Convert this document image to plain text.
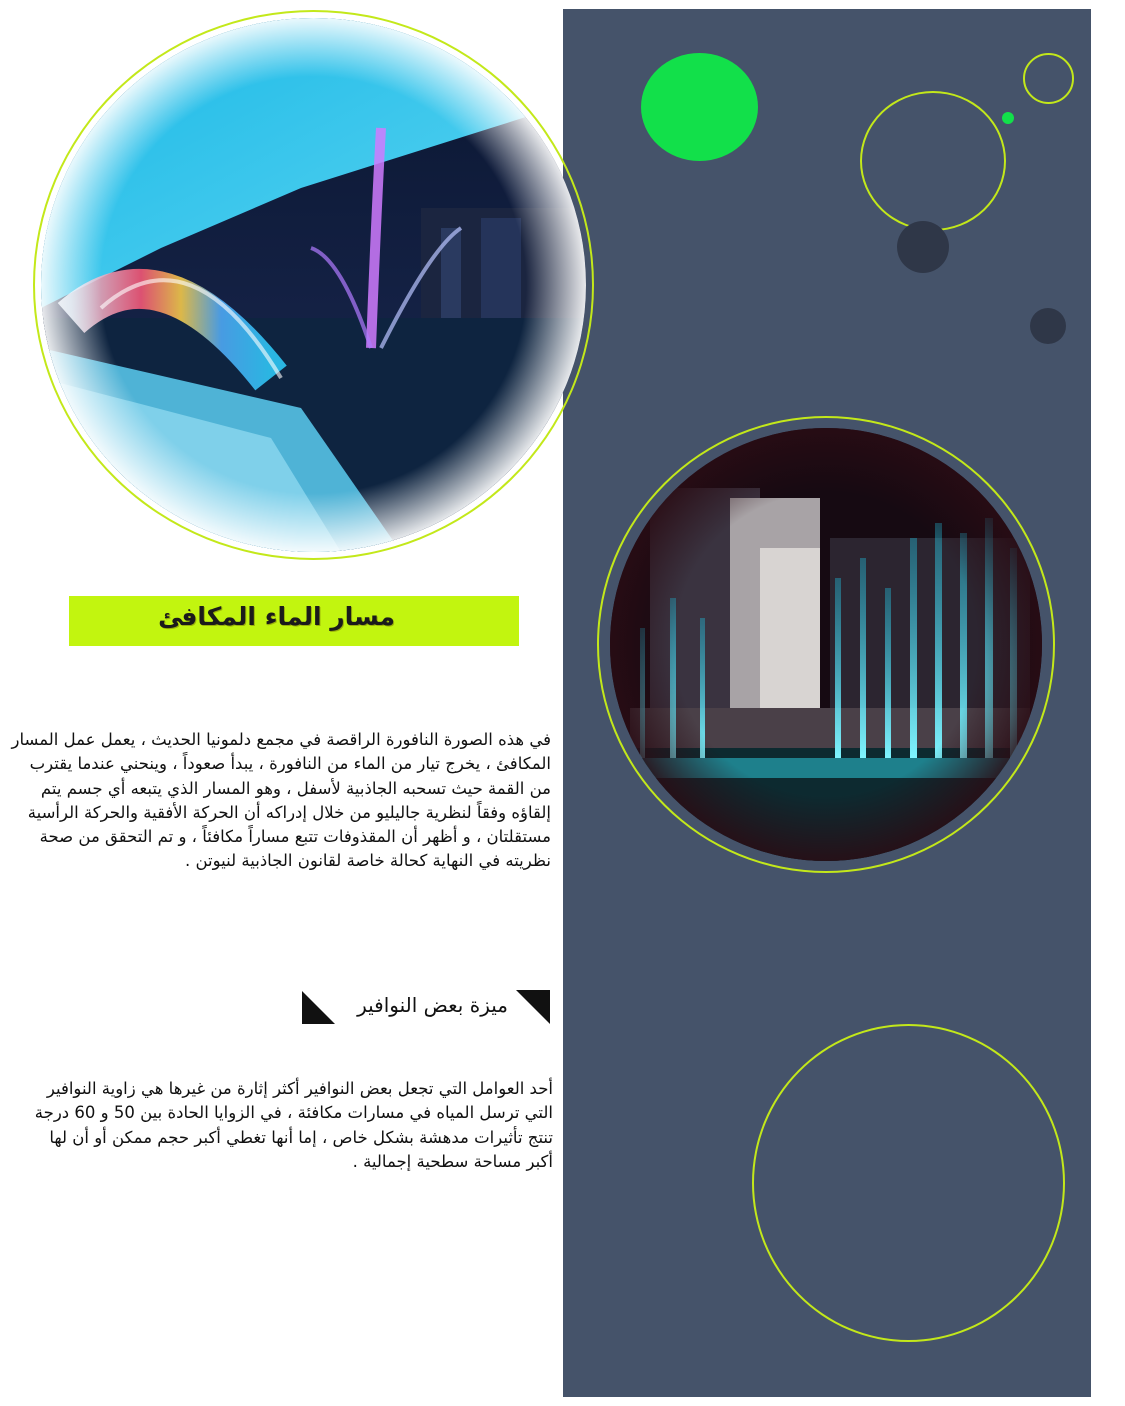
مسار الماء المكافئ

في هذه الصورة النافورة الراقصة في مجمع دلمونيا الحديث ، يعمل عمل المسار المكافئ ، يخرج تيار من الماء من النافورة ، يبدأ صعوداً ، وينحني عندما يقترب من القمة حيث تسحبه الجاذبية لأسفل ، وهو المسار الذي يتبعه أي جسم يتم إلقاؤه وفقاً لنظرية جاليليو من خلال إدراكه أن الحركة الأفقية والحركة الرأسية مستقلتان ، و أظهر أن المقذوفات تتبع مساراً مكافئاً ، و تم التحقق من صحة نظريته في النهاية كحالة خاصة لقانون الجاذبية لنيوتن .

ميزة بعض النوافير

أحد العوامل التي تجعل بعض النوافير أكثر إثارة من غيرها هي زاوية النوافير التي ترسل المياه في مسارات مكافئة ، في الزوايا الحادة بين 50 و 60 درجة تنتج تأثيرات مدهشة بشكل خاص ، إما أنها تغطي أكبر حجم ممكن أو أن لها أكبر مساحة سطحية إجمالية .
